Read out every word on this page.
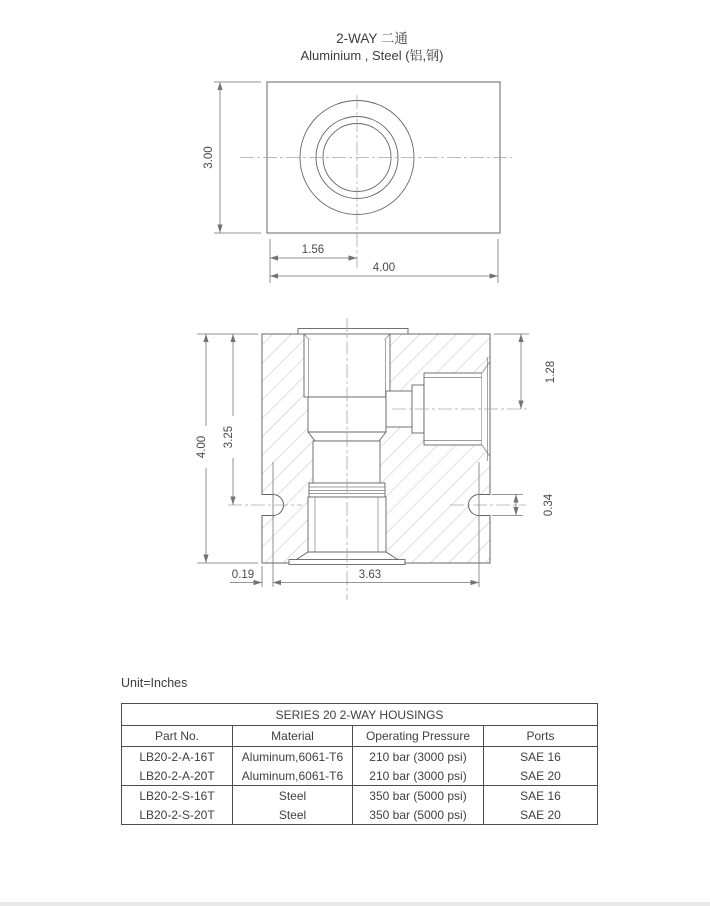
2-WAY 二通
Aluminium , Steel (铝,钢)
3.00
1.56
4.00
4.00 3.25
1.28
0.34
0.19	3.63
Unit=Inches
SERIES 20 2-WAY HOUSINGS			
Part No.	Material	Operating Pressure	Ports
LB20-2-A-16T	Aluminum,6061-T6	210 bar (3000 psi)	SAE 16
LB20-2-A-20T	Aluminum,6061-T6	210 bar (3000 psi)	SAE 20
LB20-2-S-16T	Steel	350 bar (5000 psi)	SAE 16
LB20-2-S-20T	Steel	350 bar (5000 psi)	SAE 20
